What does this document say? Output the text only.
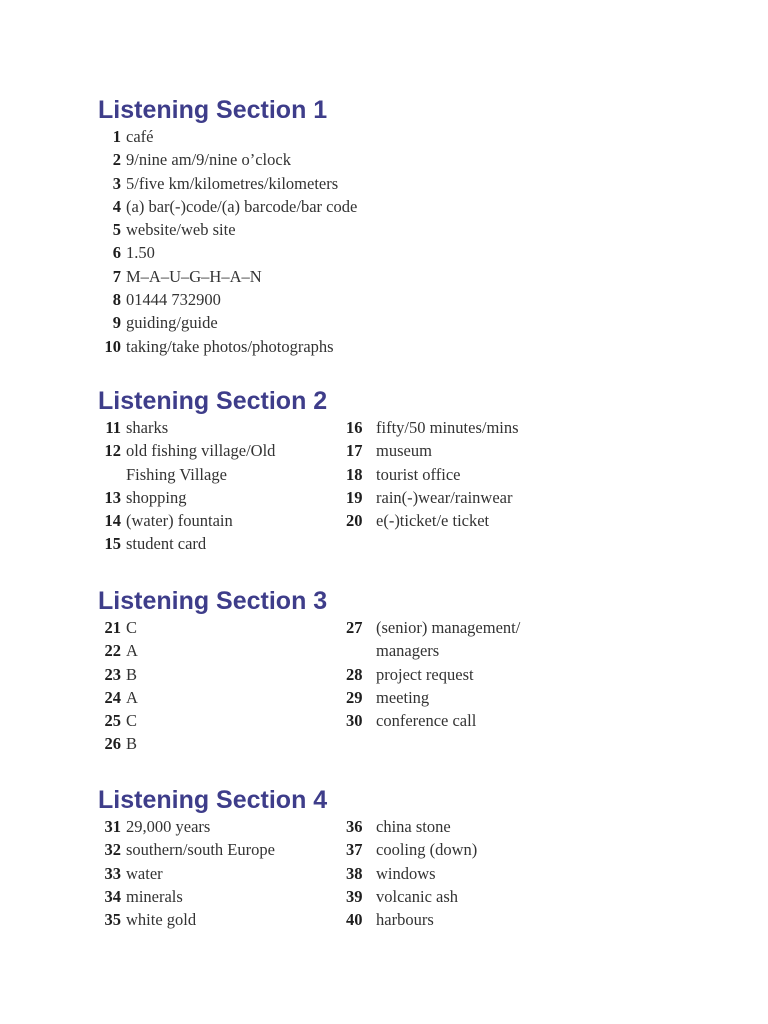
Listening Section 1
1 café
2 9/nine am/9/nine o’clock
3 5/five km/kilometres/kilometers
4 (a) bar(-)code/(a) barcode/bar code
5 website/web site
6 1.50
7 M–A–U–G–H–A–N
8 01444 732900
9 guiding/guide
10 taking/take photos/photographs
Listening Section 2
11 sharks
12 old fishing village/Old
Fishing Village
13 shopping
14 (water) fountain
15 student card
16 fifty/50 minutes/mins
17 museum
18 tourist office
19 rain(-)wear/rainwear
20 e(-)ticket/e ticket
Listening Section 3
21 C
22 A
23 B
24 A
25 C
26 B
27 (senior) management/
managers
28 project request
29 meeting
30 conference call
Listening Section 4
31 29,000 years
32 southern/south Europe
33 water
34 minerals
35 white gold
36 china stone
37 cooling (down)
38 windows
39 volcanic ash
40 harbours
